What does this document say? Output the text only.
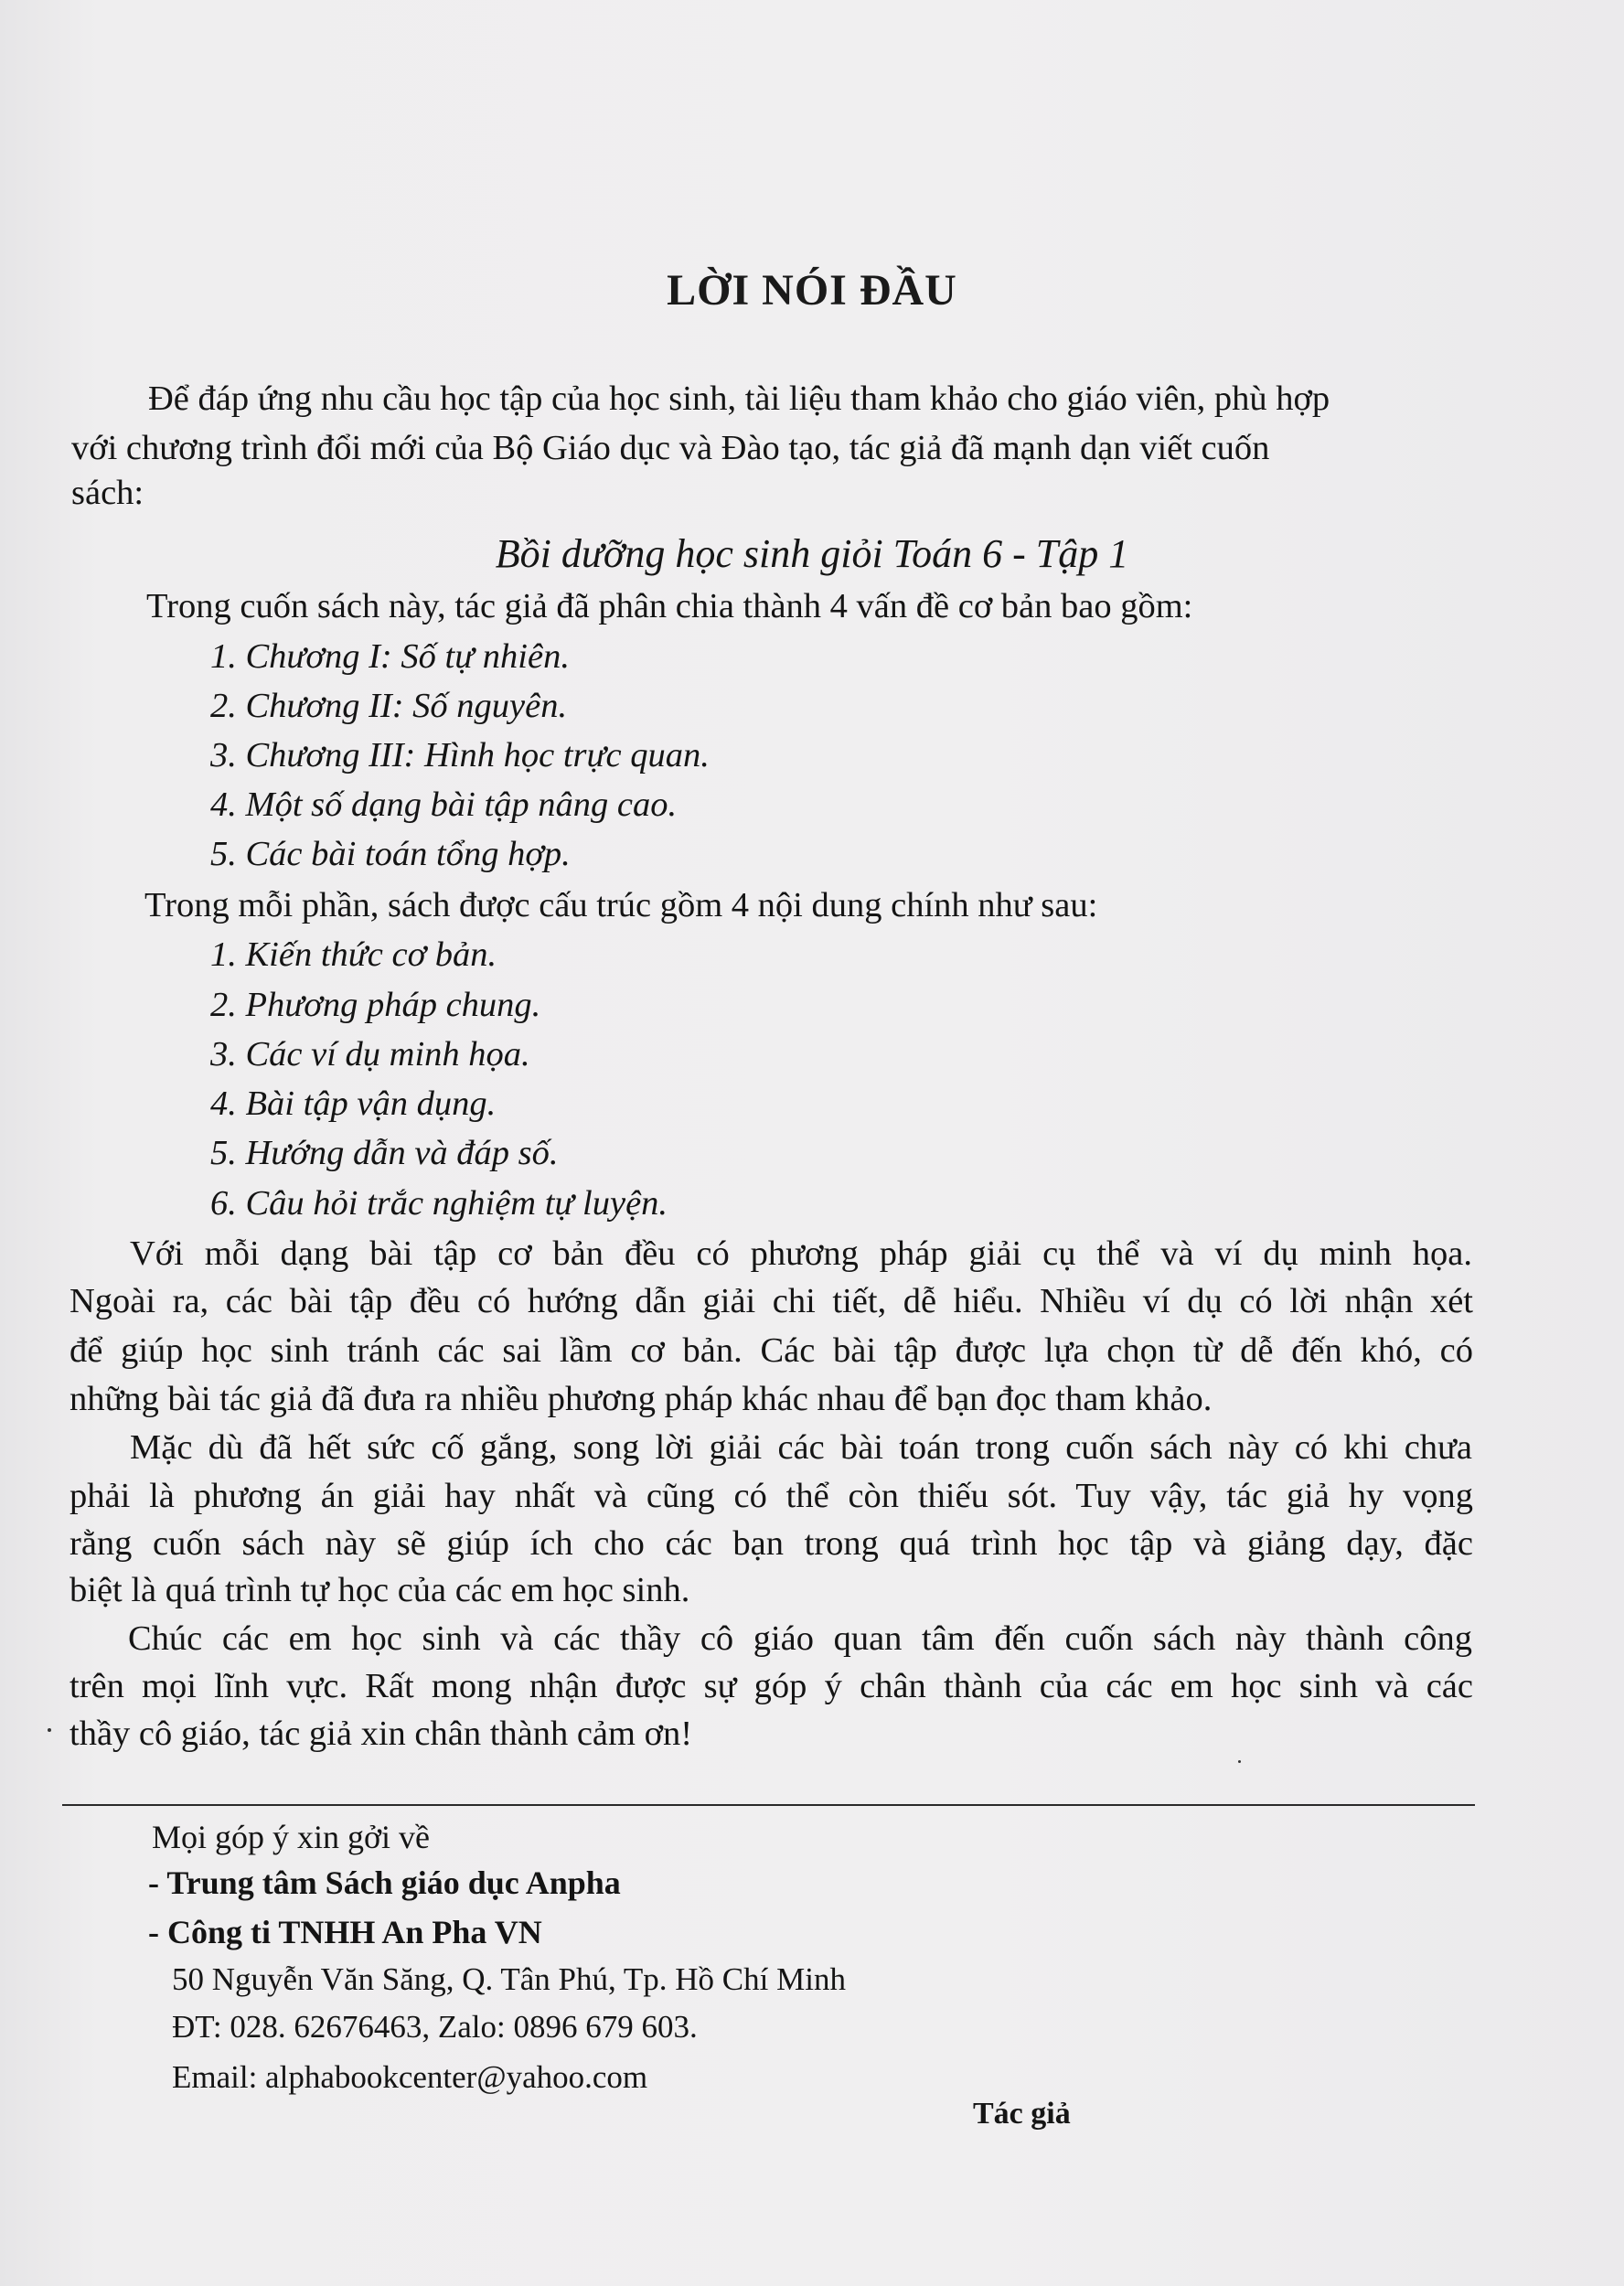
LỜI NÓI ĐẦU
Để đáp ứng nhu cầu học tập của học sinh, tài liệu tham khảo cho giáo viên, phù hợp
với chương trình đổi mới của Bộ Giáo dục và Đào tạo, tác giả đã mạnh dạn viết cuốn
sách:
Bồi dưỡng học sinh giỏi Toán 6 - Tập 1
Trong cuốn sách này, tác giả đã phân chia thành 4 vấn đề cơ bản bao gồm:
1. Chương I: Số tự nhiên.
2. Chương II: Số nguyên.
3. Chương III: Hình học trực quan.
4. Một số dạng bài tập nâng cao.
5. Các bài toán tổng hợp.
Trong mỗi phần, sách được cấu trúc gồm 4 nội dung chính như sau:
1. Kiến thức cơ bản.
2. Phương pháp chung.
3. Các ví dụ minh họa.
4. Bài tập vận dụng.
5. Hướng dẫn và đáp số.
6. Câu hỏi trắc nghiệm tự luyện.
Với mỗi dạng bài tập cơ bản đều có phương pháp giải cụ thể và ví dụ minh họa.
Ngoài ra, các bài tập đều có hướng dẫn giải chi tiết, dễ hiểu. Nhiều ví dụ có lời nhận xét
để giúp học sinh tránh các sai lầm cơ bản. Các bài tập được lựa chọn từ dễ đến khó, có
những bài tác giả đã đưa ra nhiều phương pháp khác nhau để bạn đọc tham khảo.
Mặc dù đã hết sức cố gắng, song lời giải các bài toán trong cuốn sách này có khi chưa
phải là phương án giải hay nhất và cũng có thể còn thiếu sót. Tuy vậy, tác giả hy vọng
rằng cuốn sách này sẽ giúp ích cho các bạn trong quá trình học tập và giảng dạy, đặc
biệt là quá trình tự học của các em học sinh.
Chúc các em học sinh và các thầy cô giáo quan tâm đến cuốn sách này thành công
trên mọi lĩnh vực. Rất mong nhận được sự góp ý chân thành của các em học sinh và các
thầy cô giáo, tác giả xin chân thành cảm ơn!
Mọi góp ý xin gởi về
- Trung tâm Sách giáo dục Anpha
- Công ti TNHH An Pha VN
50 Nguyễn Văn Săng, Q. Tân Phú, Tp. Hồ Chí Minh
ĐT: 028. 62676463, Zalo: 0896 679 603.
Email: alphabookcenter@yahoo.com
Tác giả
